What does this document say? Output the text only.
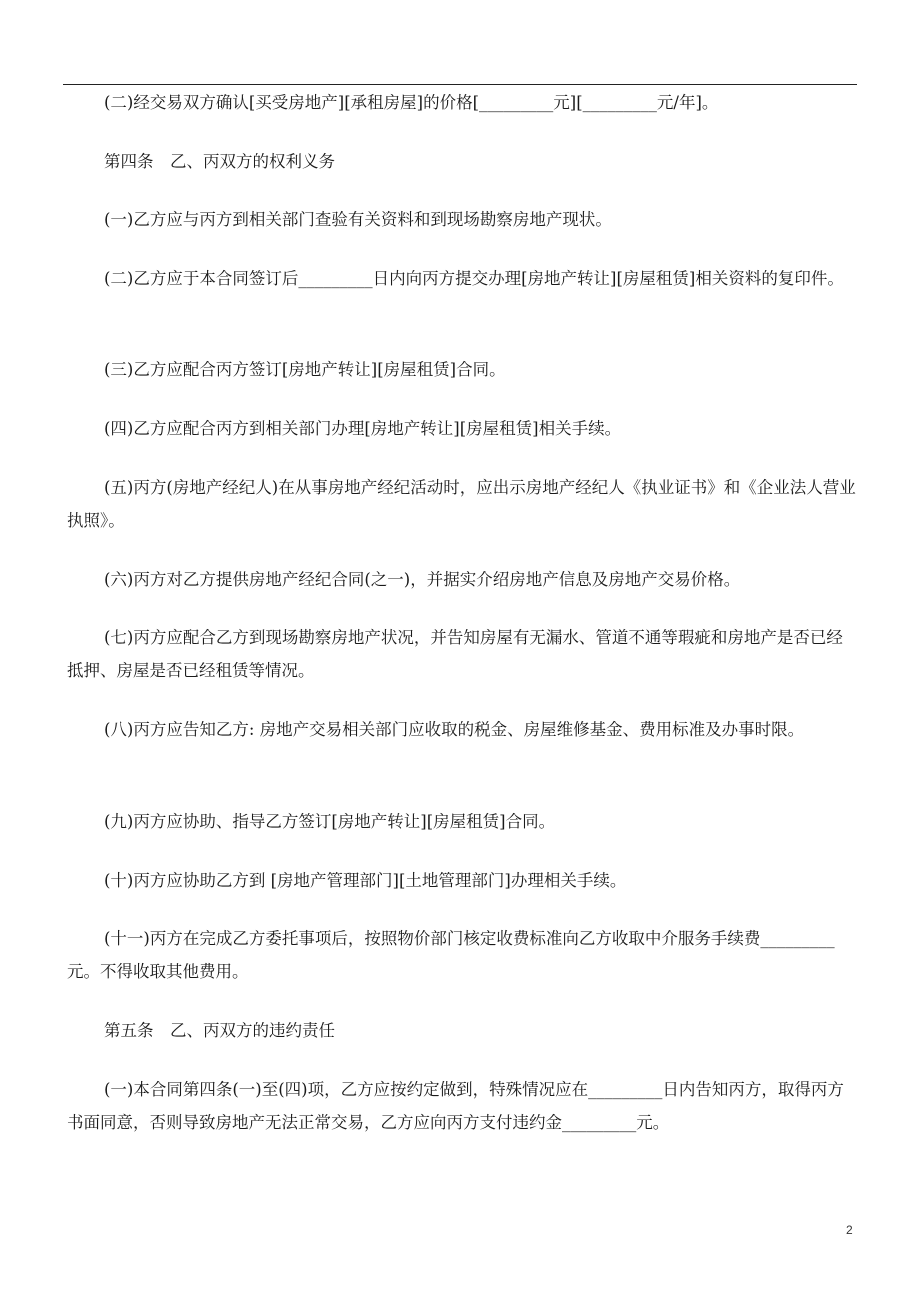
(二)经交易双方确认[买受房地产][承租房屋]的价格[_________元][_________元/年]。

第四条　乙、丙双方的权利义务

(一)乙方应与丙方到相关部门查验有关资料和到现场勘察房地产现状。

(二)乙方应于本合同签订后_________日内向丙方提交办理[房地产转让][房屋租赁]相关资料的复印件。

(三)乙方应配合丙方签订[房地产转让][房屋租赁]合同。

(四)乙方应配合丙方到相关部门办理[房地产转让][房屋租赁]相关手续。

(五)丙方(房地产经纪人)在从事房地产经纪活动时，应出示房地产经纪人《执业证书》和《企业法人营业执照》。

(六)丙方对乙方提供房地产经纪合同(之一)，并据实介绍房地产信息及房地产交易价格。

(七)丙方应配合乙方到现场勘察房地产状况，并告知房屋有无漏水、管道不通等瑕疵和房地产是否已经抵押、房屋是否已经租赁等情况。

(八)丙方应告知乙方: 房地产交易相关部门应收取的税金、房屋维修基金、费用标准及办事时限。

(九)丙方应协助、指导乙方签订[房地产转让][房屋租赁]合同。

(十)丙方应协助乙方到 [房地产管理部门][土地管理部门]办理相关手续。

(十一)丙方在完成乙方委托事项后，按照物价部门核定收费标准向乙方收取中介服务手续费_________元。不得收取其他费用。

第五条　乙、丙双方的违约责任

(一)本合同第四条(一)至(四)项，乙方应按约定做到，特殊情况应在_________日内告知丙方，取得丙方书面同意，否则导致房地产无法正常交易，乙方应向丙方支付违约金_________元。

2
